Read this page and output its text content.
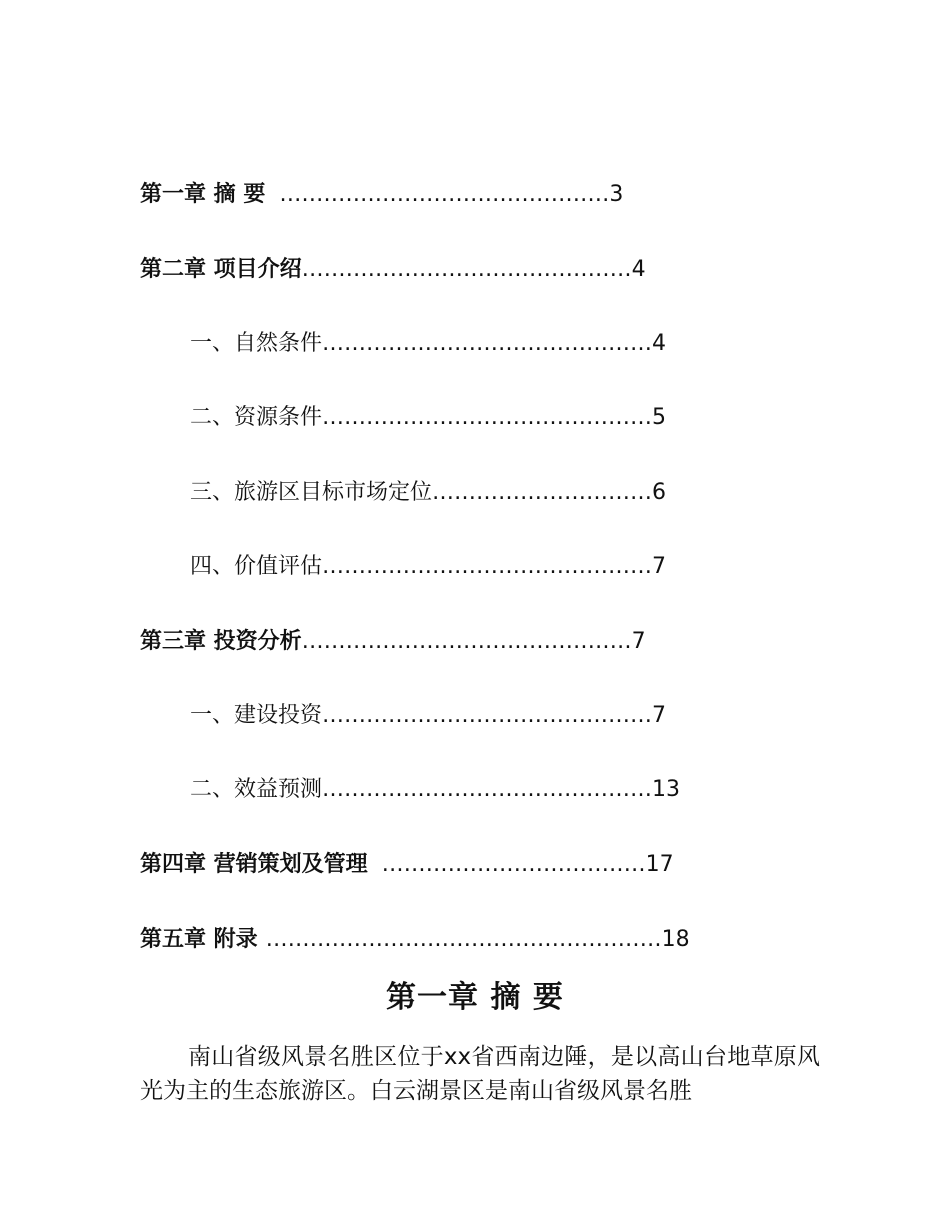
第一章 摘 要………………………………………3
第二章 项目介绍………………………………………4
一、自然条件………………………………………4
二、资源条件………………………………………5
三、旅游区目标市场定位…………………………6
四、价值评估………………………………………7
第三章 投资分析………………………………………7
一、建设投资………………………………………7
二、效益预测………………………………………13
第四章 营销策划及管理………………………………17
第五章 附录………………………………………………18
第一章 摘 要
南山省级风景名胜区位于xx省西南边陲，是以高山台地草原风光为主的生态旅游区。白云湖景区是南山省级风景名胜
